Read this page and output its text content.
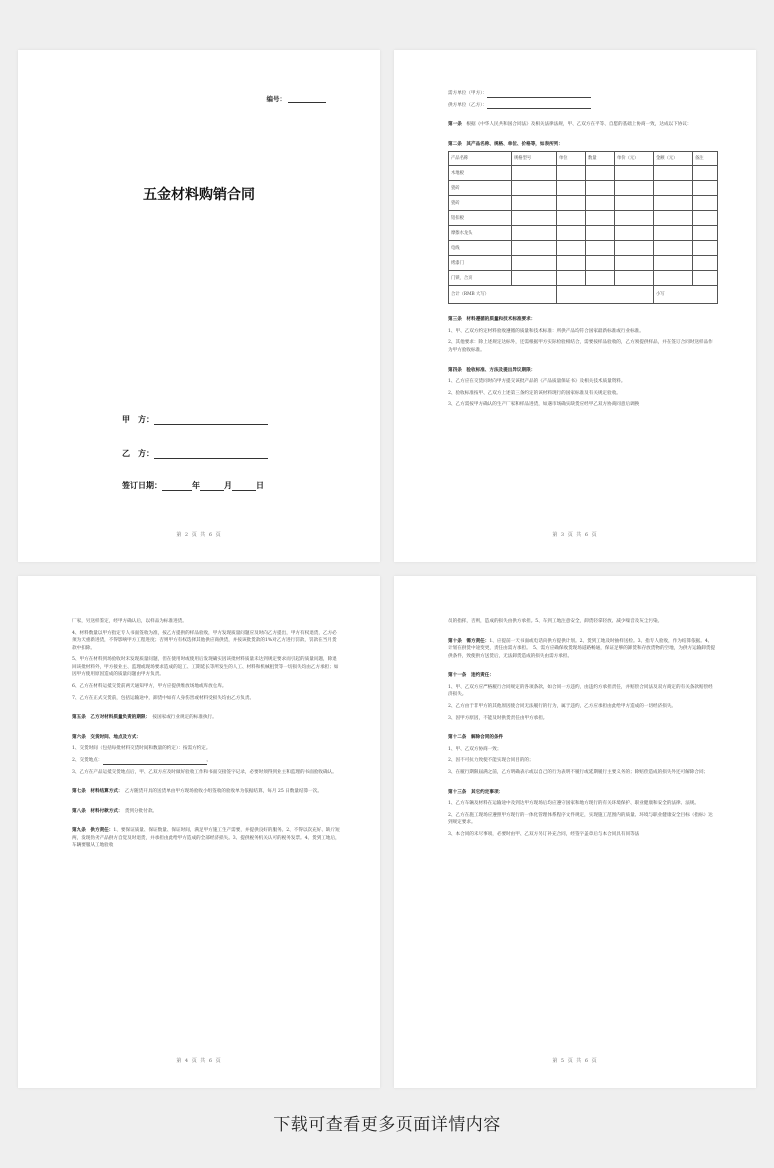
编号：
五金材料购销合同
甲　方：
乙　方：
签订日期：	年	月	日
第 2 页 共 6 页

需方单位（甲方）：

供方单位（乙方）：

第一条　 根据《中华人民共和国合同法》及相关法律法规，甲、乙双方在平等、自愿的基础上协商一致，达成以下协议：

第二条　其产品名称、规格、单位、价格等，如表所列：

产品名称	规格型号	单位	数量	单价（元）	金额（元）	备注
木地板						
瓷砖						
瓷砖						
铝扣板						
摩擦水龙头						
电线						
烤漆门						
门锁、合页						
合计（RMB 大写）					小写	

第三条　材料遵循的质量和技术标准要求：

1、甲、乙双方约定材料验收遵循的质量和技术标准：所供产品均符合国家最新标准或行业标准。

2、其他要求：除上述规定达标外，还需根据甲方实际检验相结合，需要按样品验收的，乙方须提供样品，并在签订合同时送样品作为甲方验收标准。

第四条　验收标准、方法及提出异议期限：

1、乙方应在交货同时向甲方提交该批产品的《产品质量保证书》及相关技术质量资料。

2、验收标准按甲、乙双方上述第三条约定的该材料现行的国家标准及有关规定验收。

3、乙方需按甲方确认的生产厂家和样品进货，如遇市场确实缺货应经甲乙双方协商同意后调换

第 3 页 共 6 页

厂家，另送样鉴定，经甲方确认后，以样品为标准进货。

4、材料数量以甲方指定专人书面签收为准，按乙方提供的样品验收，甲方发现质量问题应及时向乙方提出，甲方有权退货，乙方必须为天重新进货，不得影响甲方工程进度；否则甲方有权选择其他供应商供货，并按该批货款的1%对乙方进行罚款，罚款在当月货款中扣除。

5、甲方在材料到场验收时未发现质量问题，但在使用时或使用后发现确实因该批材料质量未达到规定要求而引起的质量问题，除退回该批材料外，甲方接业主、监理或现场要求造成的返工、工期延长等所发生的人工、材料和机械租赁等一切损失均由乙方承担；如因甲方使用原因造成的质量问题由甲方负责。

6、乙方在材料运抵交货前两天通知甲方，甲方应提供堆放场地或库放仓库。

7、乙方在正式交货前，包括运输途中，卸货中如有人身伤害或材料受损失均由乙方负责。

第五条　乙方对材料质量负责的期限：　 按国家或行业规定的标准执行。

第六条　交货时间、地点及方式：

1、交货时间（包括每批材料交货时间和数量的约定）：按需方约定。

2、交货地点：	。

3、乙方在产品运抵交货地点后，甲、乙双方应及时做好验收工作和书面交接签字记录，必要时须得到业主和监理的书面验收确认。

第七条　材料结算方式：　 乙方随货开具的送货单由甲方现场验收小组签收的验收单为依据结算，每月 25 日数量结算一次。

第八条　材料付款方式：　 货到分批付款。

第九条　供方责任：1、要保证质量、保证数量、保证时间，满足甲方施工生产需要，并提供良好的服务。2、不得以次充好、缺斤短两，发现伪劣产品供方自觉及时退货，并承担由此给甲方造成的全部经济损失。3、提供税务机关认可的税务发票。4、货到工地后，车辆要服从工地验收

第 4 页 共 6 页

员的指挥，否则，造成的损失由供方承担。5、车到工地注意安全，卸货轻拿轻放、减少噪音及灰尘污染。

第十条　需方责任：1、应提前一天书面或电话向供方提供计划。2、货到工地及时抽样送检。3、指专人验收，作为结算依据。4、计划在供货中途变更，责任由需方承担。　5、需方应确保收货现场道路畅通，保证足够的卸货和存放货物的空地，为供方运输卸货提供条件，致使供方送货后，无法卸货造成的损失由需方承担。

第十一条　违约责任：

1、甲、乙双方应严格履行合同规定的各项条款，如合同一方违约，由违约方承担责任，并赔偿合同法及双方商定的有关条款赔偿经济损失。

2、乙方由于非甲方的其他原因使合同无法履行的行为，属于违约，乙方应承担由此给甲方造成的一切经济损失。

3、因甲方原因，不能及时供货责任由甲方承担。

第十二条　解除合同的条件

1、甲、乙双方协商一致；

2、因不可抗力致使不能实现合同目的的；

3、在履行期限届满之前，乙方明确表示或以自己的行为表明不履行或延期履行主要义务的；除赔偿造成的损失外还可解除合同；

第十三条　其它约定事项：

1、乙方车辆及材料在运输途中及到达甲方现场后均应遵守国家和地方现行的有关环境保护、职业健康和安全的法律、法规。

2、乙方在施工现场应遵照甲方现行的一体化管理体系程序文件规定，实现施工范围内的质量、环境与职业健康安全目标（指标）达到规定要求。

3、本合同的未尽事项，必要时由甲、乙双方另订补充合同，经签字盖章后与本合同具有同等法

第 5 页 共 6 页
下载可查看更多页面详情内容
